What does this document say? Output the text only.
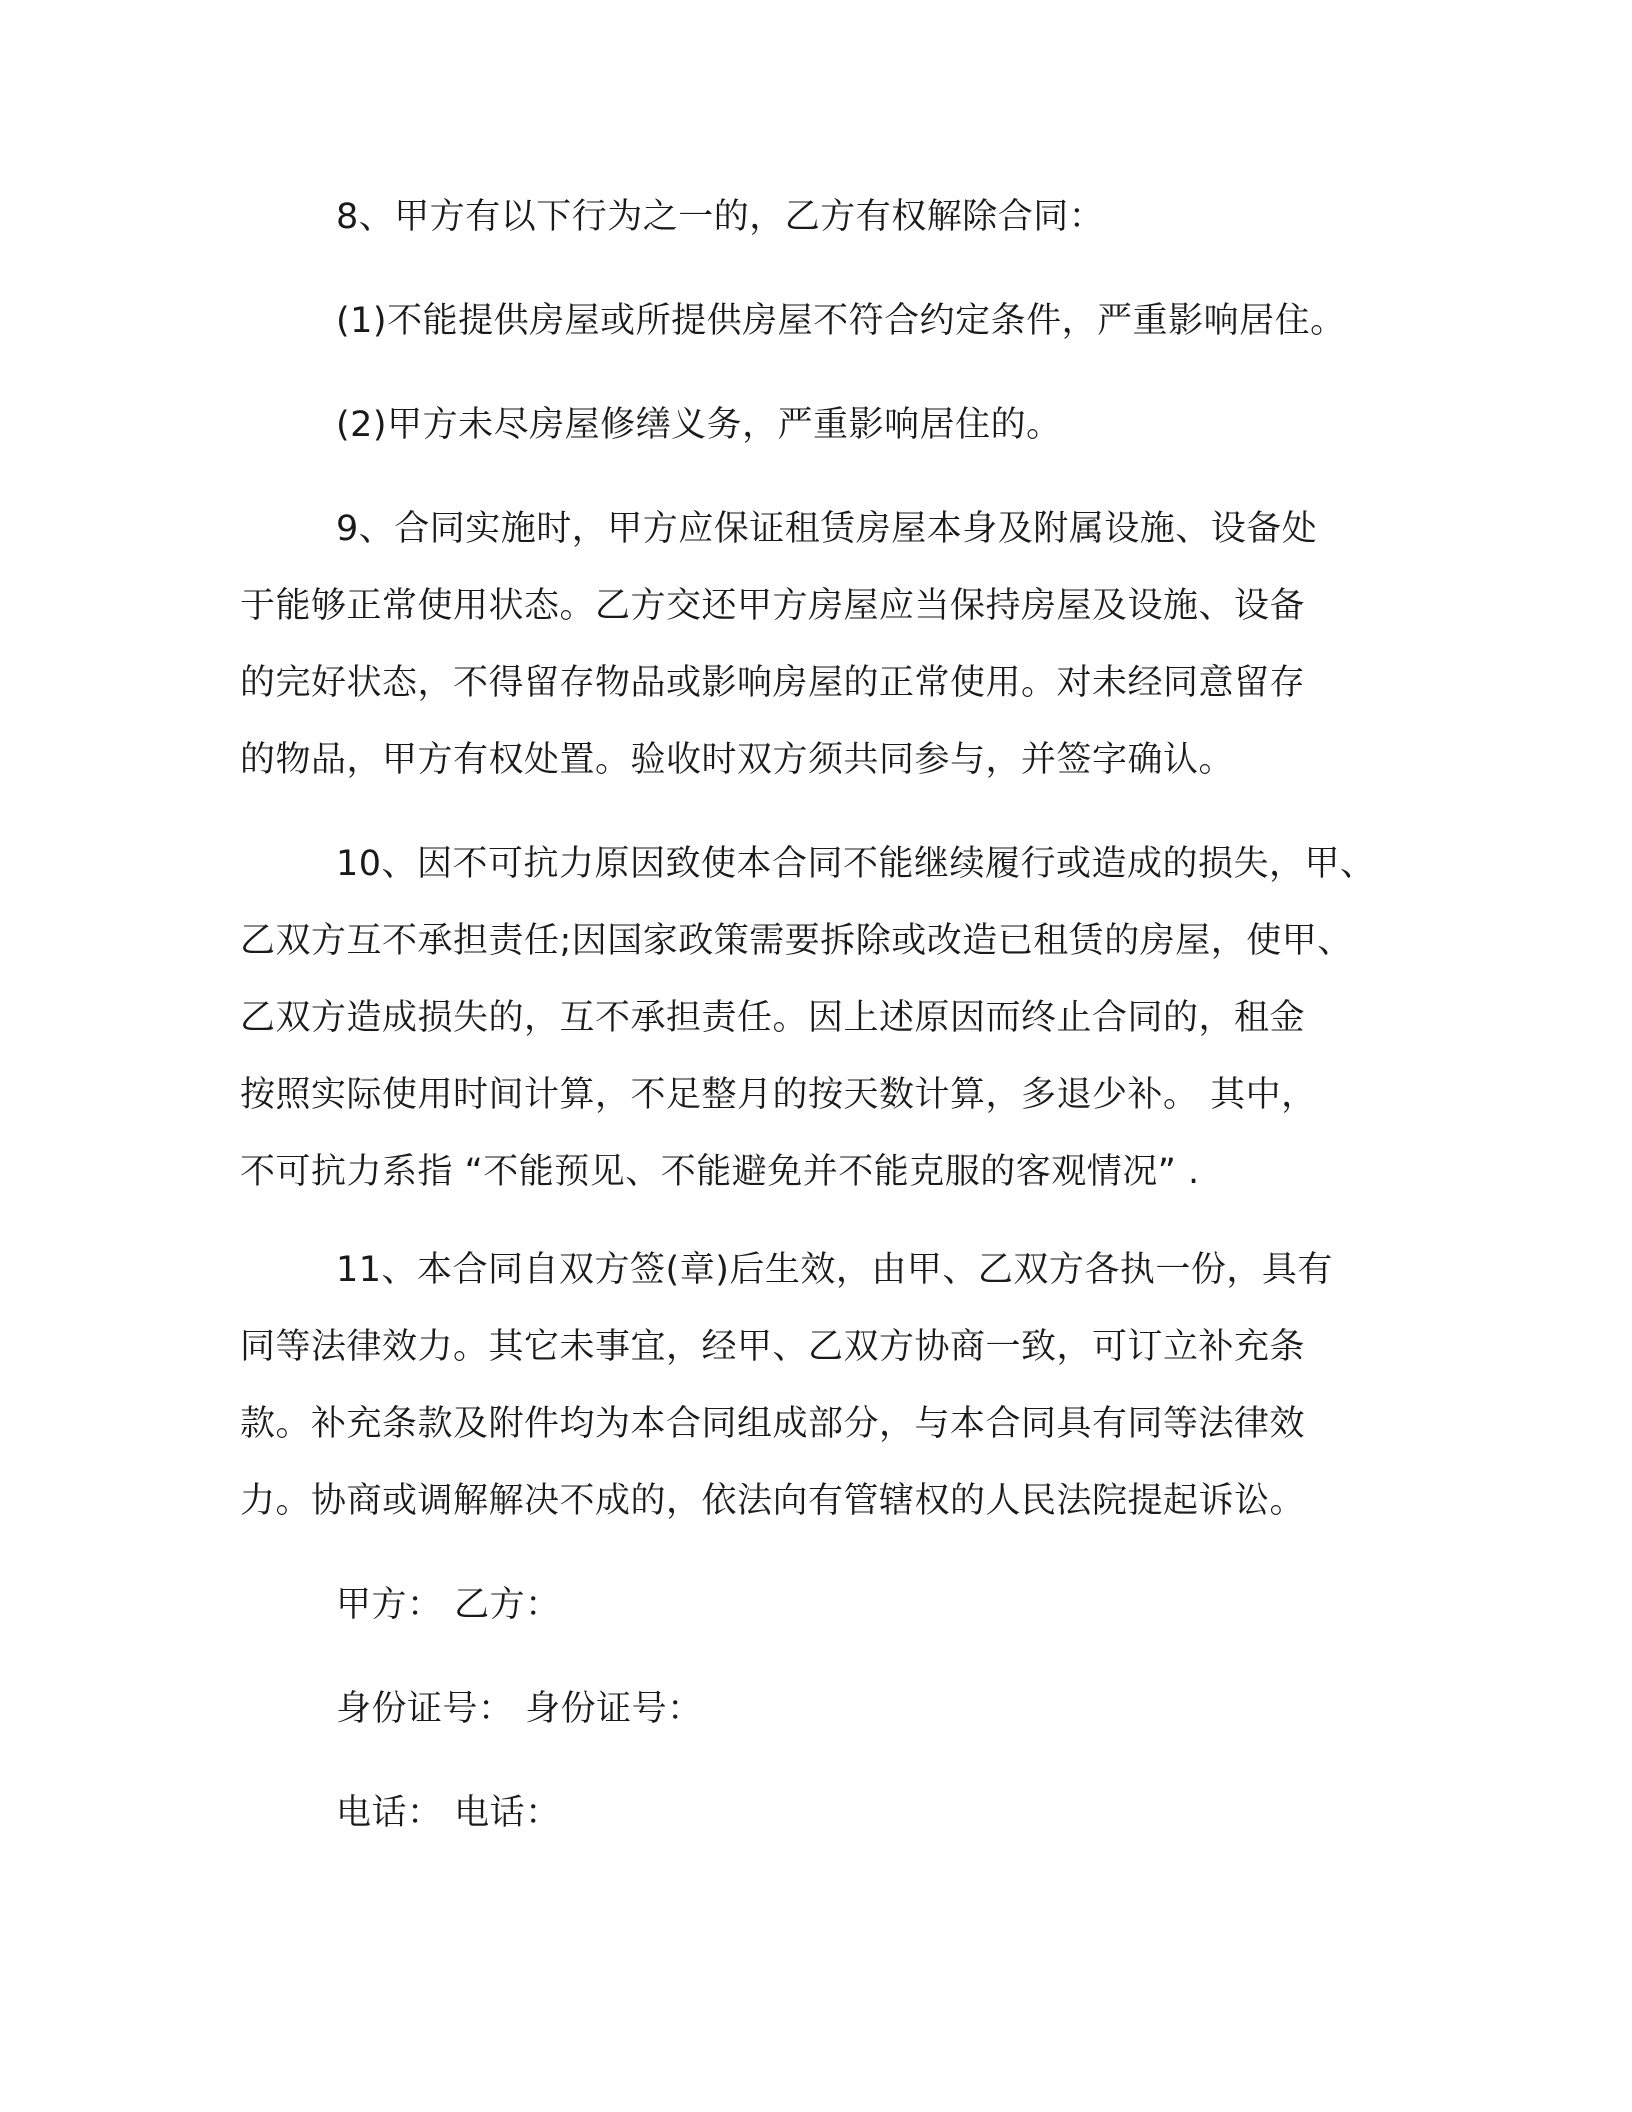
8、甲方有以下行为之一的，乙方有权解除合同：
(1)不能提供房屋或所提供房屋不符合约定条件，严重影响居住。
(2)甲方未尽房屋修缮义务，严重影响居住的。
9、合同实施时，甲方应保证租赁房屋本身及附属设施、设备处
于能够正常使用状态。乙方交还甲方房屋应当保持房屋及设施、设备
的完好状态，不得留存物品或影响房屋的正常使用。对未经同意留存
的物品，甲方有权处置。验收时双方须共同参与，并签字确认。
10、因不可抗力原因致使本合同不能继续履行或造成的损失，甲、
乙双方互不承担责任;因国家政策需要拆除或改造已租赁的房屋，使甲、
乙双方造成损失的，互不承担责任。因上述原因而终止合同的，租金
按照实际使用时间计算，不足整月的按天数计算，多退少补。 其中，
不可抗力系指 “不能预见、不能避免并不能克服的客观情况” .
11、本合同自双方签(章)后生效，由甲、乙双方各执一份，具有
同等法律效力。其它未事宜，经甲、乙双方协商一致，可订立补充条
款。补充条款及附件均为本合同组成部分，与本合同具有同等法律效
力。协商或调解解决不成的，依法向有管辖权的人民法院提起诉讼。
甲方： 乙方：
身份证号： 身份证号：
电话： 电话：
